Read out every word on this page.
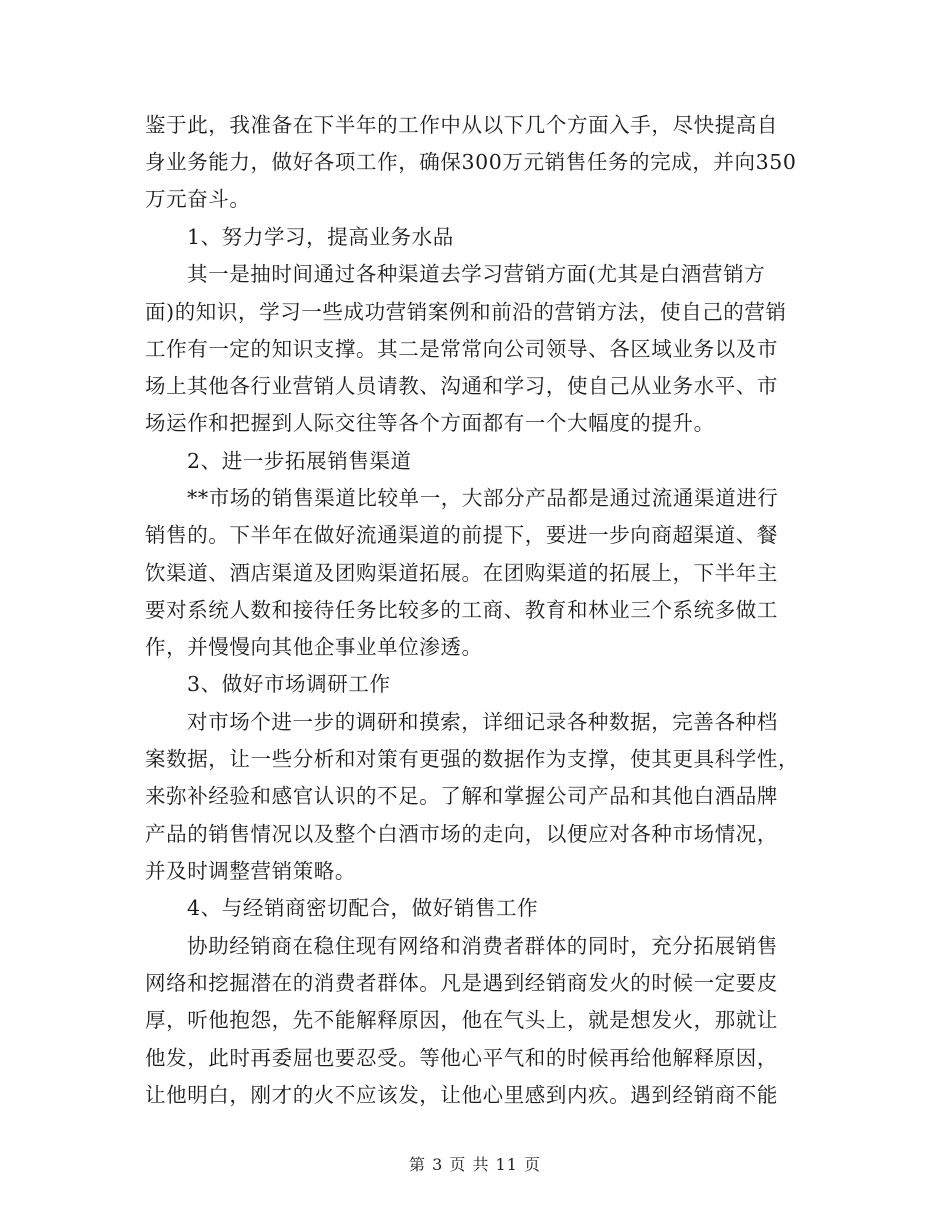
鉴于此，我准备在下半年的工作中从以下几个方面入手，尽快提高自
身业务能力，做好各项工作，确保300万元销售任务的完成，并向350
万元奋斗。
1、努力学习，提高业务水品
其一是抽时间通过各种渠道去学习营销方面(尤其是白酒营销方
面)的知识，学习一些成功营销案例和前沿的营销方法，使自己的营销
工作有一定的知识支撑。其二是常常向公司领导、各区域业务以及市
场上其他各行业营销人员请教、沟通和学习，使自己从业务水平、市
场运作和把握到人际交往等各个方面都有一个大幅度的提升。
2、进一步拓展销售渠道
**市场的销售渠道比较单一，大部分产品都是通过流通渠道进行
销售的。下半年在做好流通渠道的前提下，要进一步向商超渠道、餐
饮渠道、酒店渠道及团购渠道拓展。在团购渠道的拓展上，下半年主
要对系统人数和接待任务比较多的工商、教育和林业三个系统多做工
作，并慢慢向其他企事业单位渗透。
3、做好市场调研工作
对市场个进一步的调研和摸索，详细记录各种数据，完善各种档
案数据，让一些分析和对策有更强的数据作为支撑，使其更具科学性，
来弥补经验和感官认识的不足。了解和掌握公司产品和其他白酒品牌
产品的销售情况以及整个白酒市场的走向，以便应对各种市场情况，
并及时调整营销策略。
4、与经销商密切配合，做好销售工作
协助经销商在稳住现有网络和消费者群体的同时，充分拓展销售
网络和挖掘潜在的消费者群体。凡是遇到经销商发火的时候一定要皮
厚，听他抱怨，先不能解释原因，他在气头上，就是想发火，那就让
他发，此时再委屈也要忍受。等他心平气和的时候再给他解释原因，
让他明白，刚才的火不应该发，让他心里感到内疚。遇到经销商不能
第 3 页 共 11 页
